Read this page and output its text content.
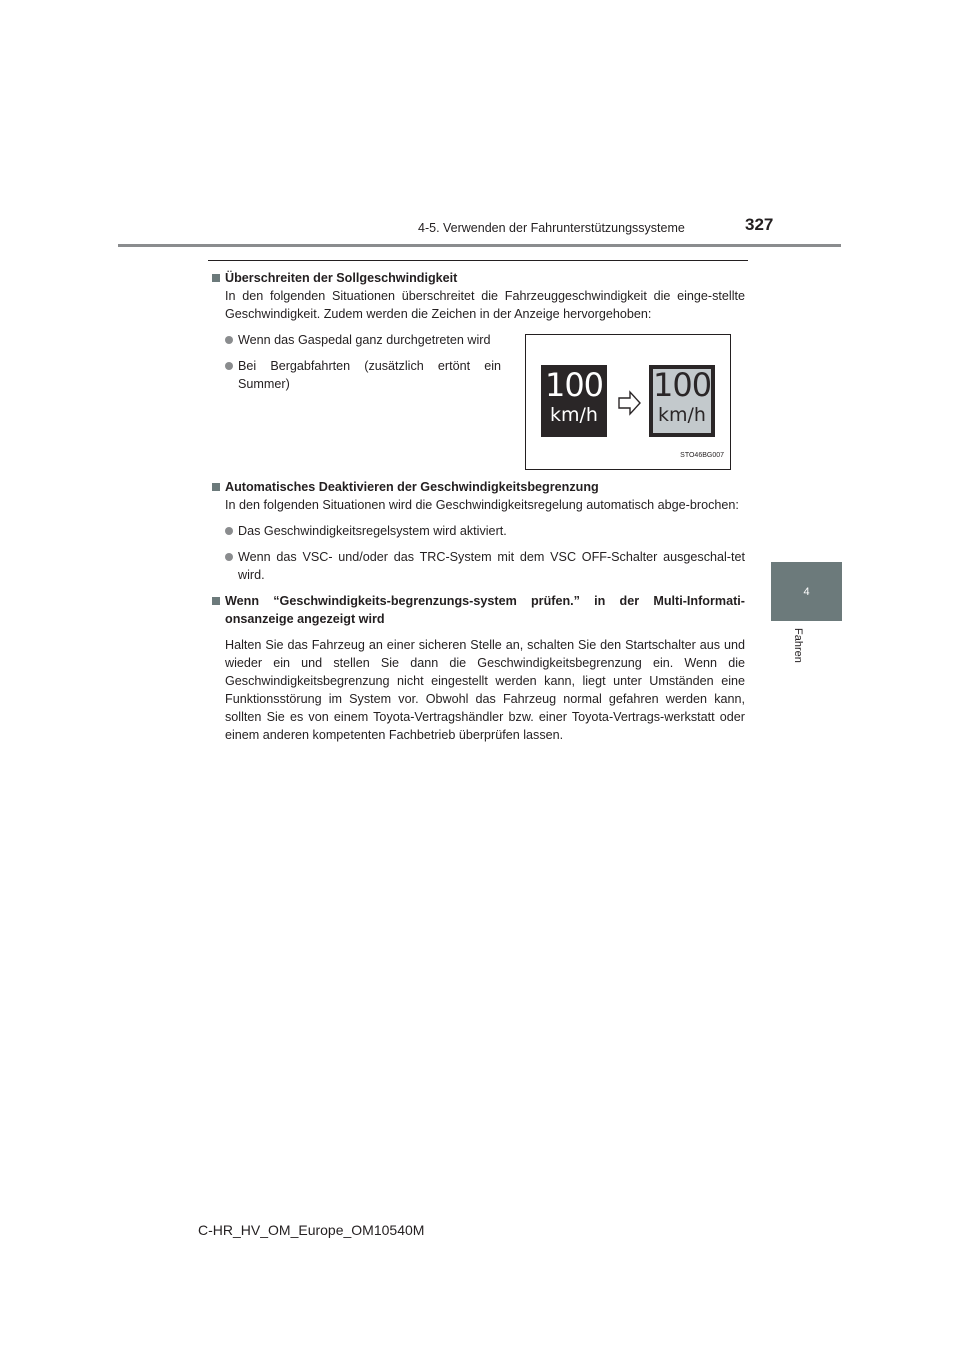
4-5. Verwenden der Fahrunterstützungssysteme	327
4
Fahren
Überschreiten der Sollgeschwindigkeit
In den folgenden Situationen überschreitet die Fahrzeuggeschwindigkeit die einge-stellte Geschwindigkeit. Zudem werden die Zeichen in der Anzeige hervorgehoben:
Wenn das Gaspedal ganz durchgetreten wird
Bei Bergabfahrten (zusätzlich ertönt ein Summer)	100
km/h
100
km/h
STO46BG007
Automatisches Deaktivieren der Geschwindigkeitsbegrenzung
In den folgenden Situationen wird die Geschwindigkeitsregelung automatisch abge-brochen:
Das Geschwindigkeitsregelsystem wird aktiviert.
Wenn das VSC- und/oder das TRC-System mit dem VSC OFF-Schalter ausgeschal-tet wird.
Wenn “Geschwindigkeits-begrenzungs-system prüfen.” in der Multi-Informati-onsanzeige angezeigt wird
Halten Sie das Fahrzeug an einer sicheren Stelle an, schalten Sie den Startschalter aus und wieder ein und stellen Sie dann die Geschwindigkeitsbegrenzung ein. Wenn die Geschwindigkeitsbegrenzung nicht eingestellt werden kann, liegt unter Umständen eine Funktionsstörung im System vor. Obwohl das Fahrzeug normal gefahren werden kann, sollten Sie es von einem Toyota-Vertragshändler bzw. einer Toyota-Vertrags-werkstatt oder einem anderen kompetenten Fachbetrieb überprüfen lassen.
C-HR_HV_OM_Europe_OM10540M
